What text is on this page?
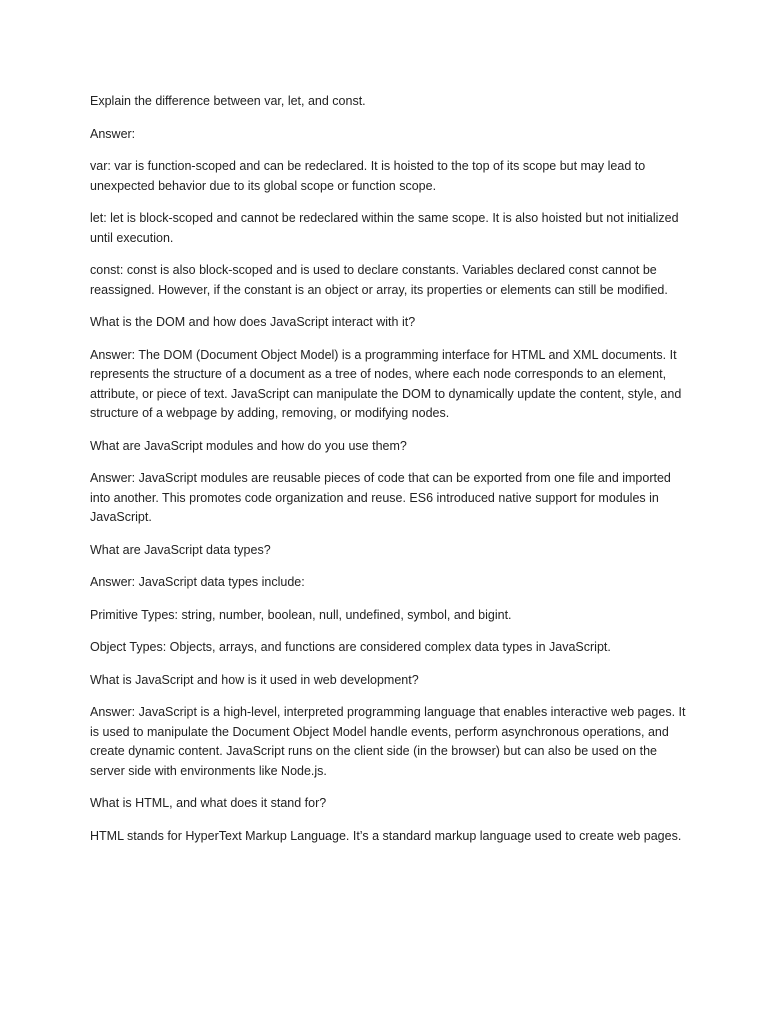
Explain the difference between var, let, and const.

Answer:

var: var is function-scoped and can be redeclared. It is hoisted to the top of its scope but may lead to unexpected behavior due to its global scope or function scope.

let: let is block-scoped and cannot be redeclared within the same scope. It is also hoisted but not initialized until execution.

const: const is also block-scoped and is used to declare constants. Variables declared const cannot be reassigned. However, if the constant is an object or array, its properties or elements can still be modified.

What is the DOM and how does JavaScript interact with it?

Answer: The DOM (Document Object Model) is a programming interface for HTML and XML documents. It represents the structure of a document as a tree of nodes, where each node corresponds to an element, attribute, or piece of text. JavaScript can manipulate the DOM to dynamically update the content, style, and structure of a webpage by adding, removing, or modifying nodes.

What are JavaScript modules and how do you use them?

Answer: JavaScript modules are reusable pieces of code that can be exported from one file and imported into another. This promotes code organization and reuse. ES6 introduced native support for modules in JavaScript.

What are JavaScript data types?

Answer: JavaScript data types include:

Primitive Types: string, number, boolean, null, undefined, symbol, and bigint.

Object Types: Objects, arrays, and functions are considered complex data types in JavaScript.

What is JavaScript and how is it used in web development?

Answer: JavaScript is a high-level, interpreted programming language that enables interactive web pages. It is used to manipulate the Document Object Model handle events, perform asynchronous operations, and create dynamic content. JavaScript runs on the client side (in the browser) but can also be used on the server side with environments like Node.js.

What is HTML, and what does it stand for?

HTML stands for HyperText Markup Language. It’s a standard markup language used to create web pages.
